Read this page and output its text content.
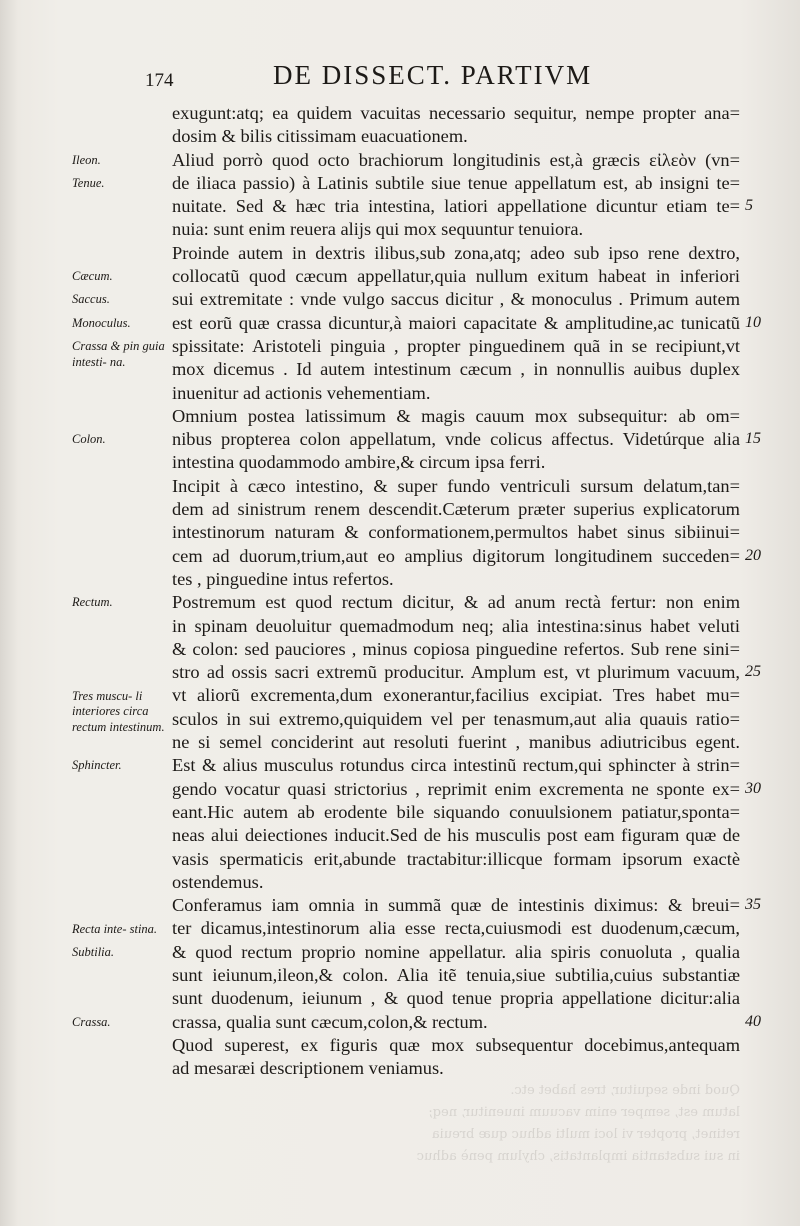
Quod inde sequitur, tres habet etc.
latum est, semper enim vacuum inuenitur, neq;
retinet, propter vi loci multi adhuc quæ breuia
in sui substantia implantatis, chylum penè adhuc
174	DE DISSECT. PARTIVM
Ileon.
Tenue.
Cæcum.
Saccus.
Monoculus.
Crassa & pin guia intesti- na.
Colon.
Rectum.
Tres muscu- li interiores circa rectum intestinum.
Sphincter.
Recta inte- stina.
Subtilia.
Crassa.
exugunt:atq; ea quidem vacuitas necessario sequitur, nempe propter ana=
dosim & bilis citissimam euacuationem.
Aliud porrò quod octo brachiorum longitudinis est,à græcis εἰλεὸν (vn=
de iliaca passio) à Latinis subtile siue tenue appellatum est, ab insigni te=
nuitate. Sed & hæc tria intestina, latiori appellatione dicuntur etiam te=
nuia: sunt enim reuera alijs qui mox sequuntur tenuiora.
Proinde autem in dextris ilibus,sub zona,atq; adeo sub ipso rene dextro,
collocatũ quod cæcum appellatur,quia nullum exitum habeat in inferiori
sui extremitate : vnde vulgo saccus dicitur , & monoculus . Primum autem
est eorũ quæ crassa dicuntur,à maiori capacitate & amplitudine,ac tunicatũ
spissitate: Aristoteli pinguia , propter pinguedinem quã in se recipiunt,vt
mox dicemus . Id autem intestinum cæcum , in nonnullis auibus duplex
inuenitur ad actionis vehementiam.
Omnium postea latissimum & magis cauum mox subsequitur: ab om=
nibus propterea colon appellatum, vnde colicus affectus. Videtúrque alia
intestina quodammodo ambire,& circum ipsa ferri.
Incipit à cæco intestino, & super fundo ventriculi sursum delatum,tan=
dem ad sinistrum renem descendit.Cæterum præter superius explicatorum
intestinorum naturam & conformationem,permultos habet sinus sibiinui=
cem ad duorum,trium,aut eo amplius digitorum longitudinem succeden=
tes , pinguedine intus refertos.
Postremum est quod rectum dicitur, & ad anum rectà fertur: non enim
in spinam deuoluitur quemadmodum neq; alia intestina:sinus habet veluti
& colon: sed pauciores , minus copiosa pinguedine refertos. Sub rene sini=
stro ad ossis sacri extremũ producitur. Amplum est, vt plurimum vacuum,
vt aliorũ excrementa,dum exonerantur,facilius excipiat. Tres habet mu=
sculos in sui extremo,quiquidem vel per tenasmum,aut alia quauis ratio=
ne si semel conciderint aut resoluti fuerint , manibus adiutricibus egent.
Est & alius musculus rotundus circa intestinũ rectum,qui sphincter à strin=
gendo vocatur quasi strictorius , reprimit enim excrementa ne sponte ex=
eant.Hic autem ab erodente bile siquando conuulsionem patiatur,sponta=
neas alui deiectiones inducit.Sed de his musculis post eam figuram quæ de
vasis spermaticis erit,abunde tractabitur:illicque formam ipsorum exactè
ostendemus.
Conferamus iam omnia in summã quæ de intestinis diximus: & breui=
ter dicamus,intestinorum alia esse recta,cuiusmodi est duodenum,cæcum,
& quod rectum proprio nomine appellatur. alia spiris conuoluta , qualia
sunt ieiunum,ileon,& colon. Alia itẽ tenuia,siue subtilia,cuius substantiæ
sunt duodenum, ieiunum , & quod tenue propria appellatione dicitur:alia
crassa, qualia sunt cæcum,colon,& rectum.
Quod superest, ex figuris quæ mox subsequentur docebimus,antequam
ad mesaræi descriptionem veniamus.
5
10
15
20
25
30
35
40
